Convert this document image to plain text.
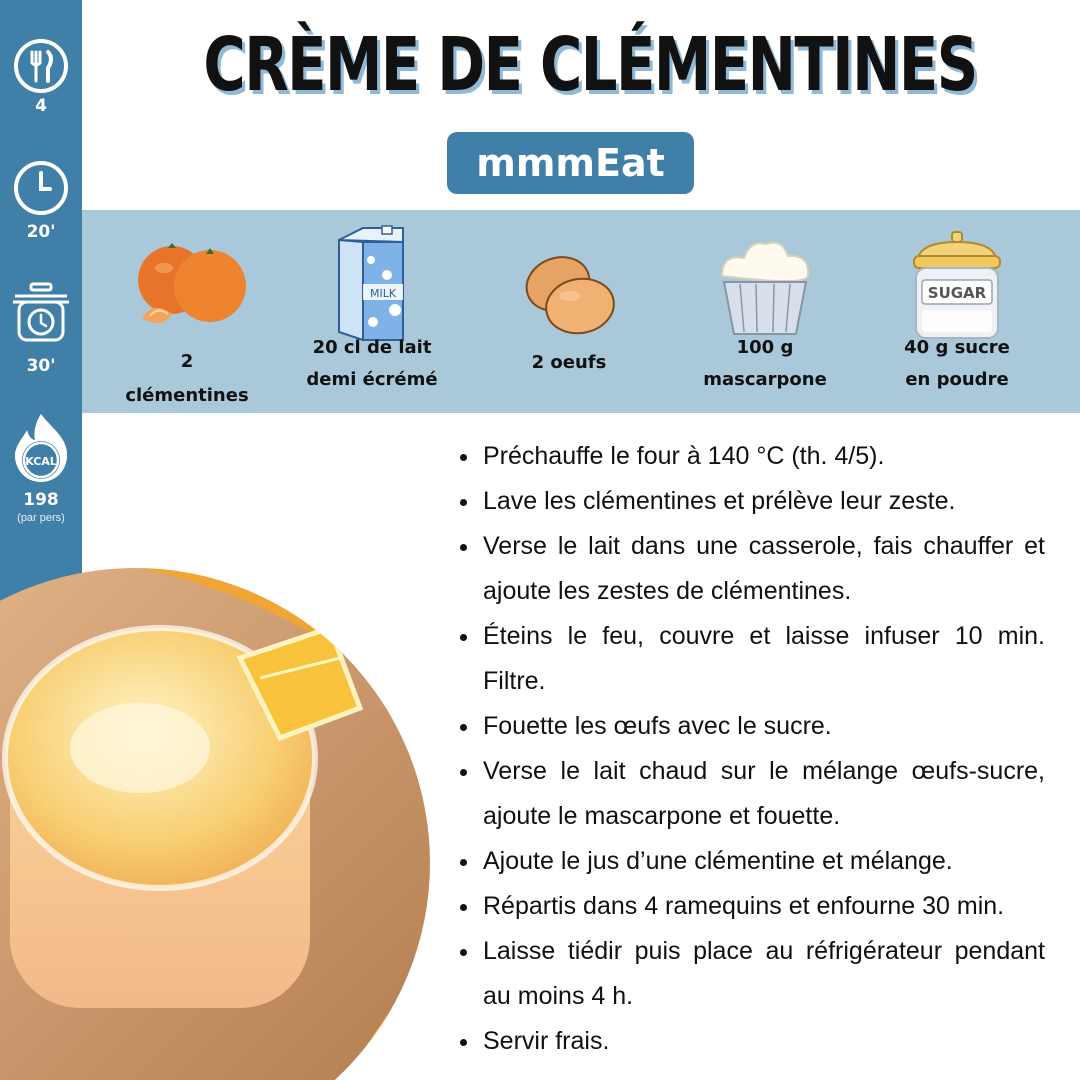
4
20'
30'
KCAL
198
(par pers)
CRÈME DE CLÉMENTINES
mmmEat
2
clémentines
MILK
20 cl de lait
demi écrémé
2 oeufs
100 g
mascarpone
SUGAR
40 g sucre
en poudre
Préchauffe le four à 140 °C (th. 4/5).
Lave les clémentines et prélève leur zeste.
Verse le lait dans une casserole, fais chauffer et ajoute les zestes de clémentines.
Éteins le feu, couvre et laisse infuser 10 min. Filtre.
Fouette les œufs avec le sucre.
Verse le lait chaud sur le mélange œufs-sucre, ajoute le mascarpone et fouette.
Ajoute le jus d’une clémentine et mélange.
Répartis dans 4 ramequins et enfourne 30 min.
Laisse tiédir puis place au réfrigérateur pendant au moins 4 h.
Servir frais.
